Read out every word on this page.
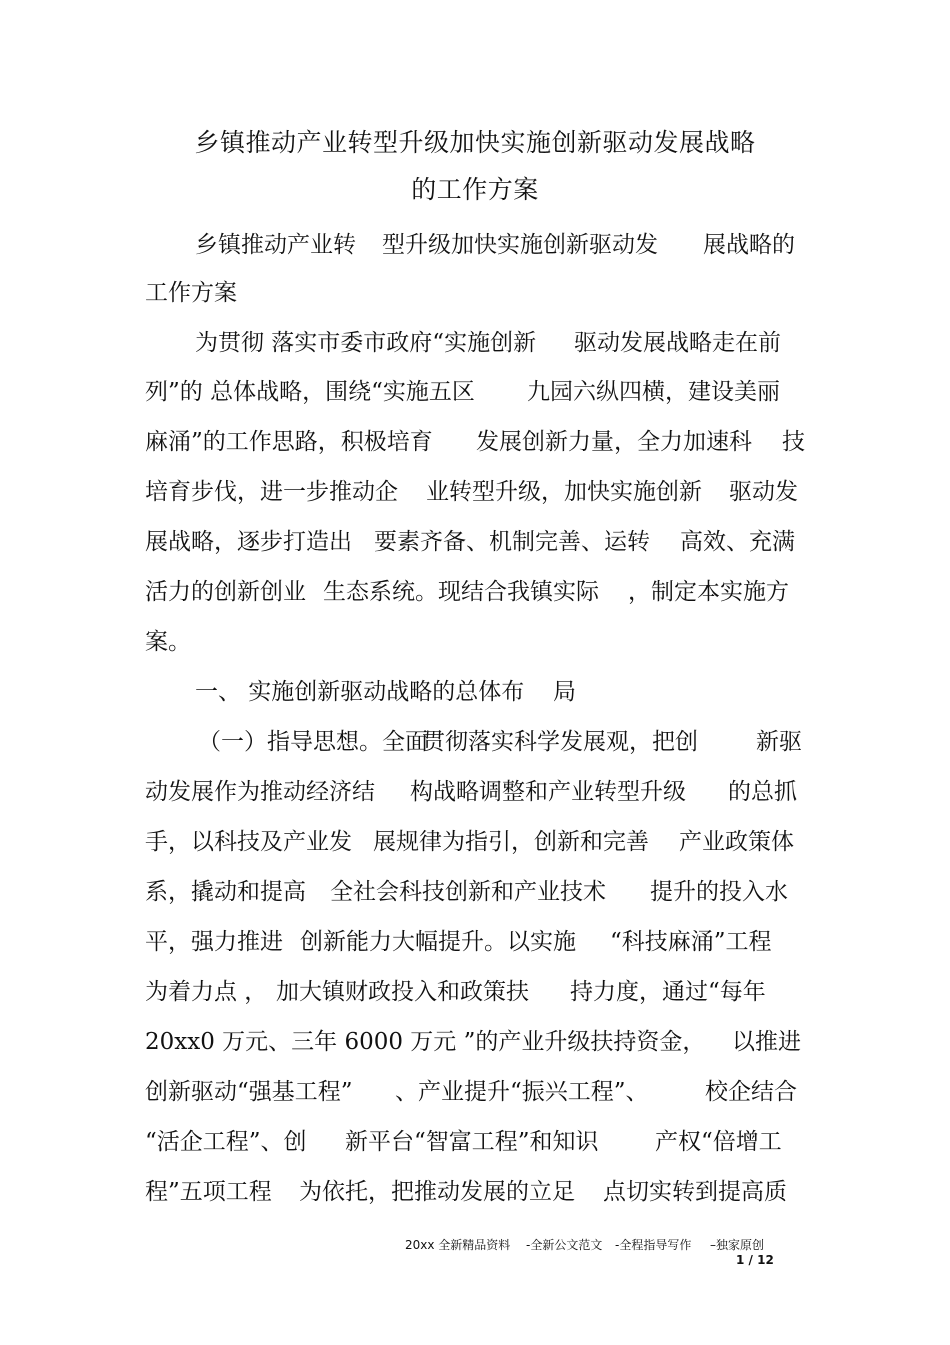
乡镇推动产业转型升级加快实施创新驱动发展战略
的工作方案
乡镇推动产业转 型升级加快实施创新驱动发 展战略的
工作方案
为贯彻 落实市委市政府“实施创新 驱动发展战略走在前
列”的 总体战略，围绕“实施五区 九园六纵四横，建设美丽
麻涌”的工作思路，积极培育 发展创新力量，全力加速科 技
培育步伐，进一步推动企 业转型升级，加快实施创新 驱动发
展战略，逐步打造出 要素齐备、机制完善、运转 高效、充满
活力的创新创业 生态系统。现结合我镇实际 ，制定本实施方
案。
一、 实施创新驱动战略的总体布 局
（一）指导思想。全面
贯彻落实科学发展观，把创	新驱
动发展作为推动经济结 构战略调整和产业转型升级 的总抓
手，以科技及产业发 展规律为指引，创新和完善 产业政策体
系，撬动和提高 全社会科技创新和产业技术 提升的投入水
平，强力推进 创新能力大幅提升。以实施 “科技麻涌”工程
为着力点 ， 加大镇财政投入和政策扶 持力度，通过“每年
20xx0 万元、三年 6000 万元 ”的产业升级扶持资金， 以推进
创新驱动“强基工程” 、产业提升“振兴工程”、 校企结合
“活企工程”、创 新平台“智富工程”和知识 产权“倍增工
程”五项工程 为依托，把推动发展的立足 点切实转到提高质
20xx 全新精品资料 -全新公文范文 -全程指导写作 –独家原创
1 / 12
